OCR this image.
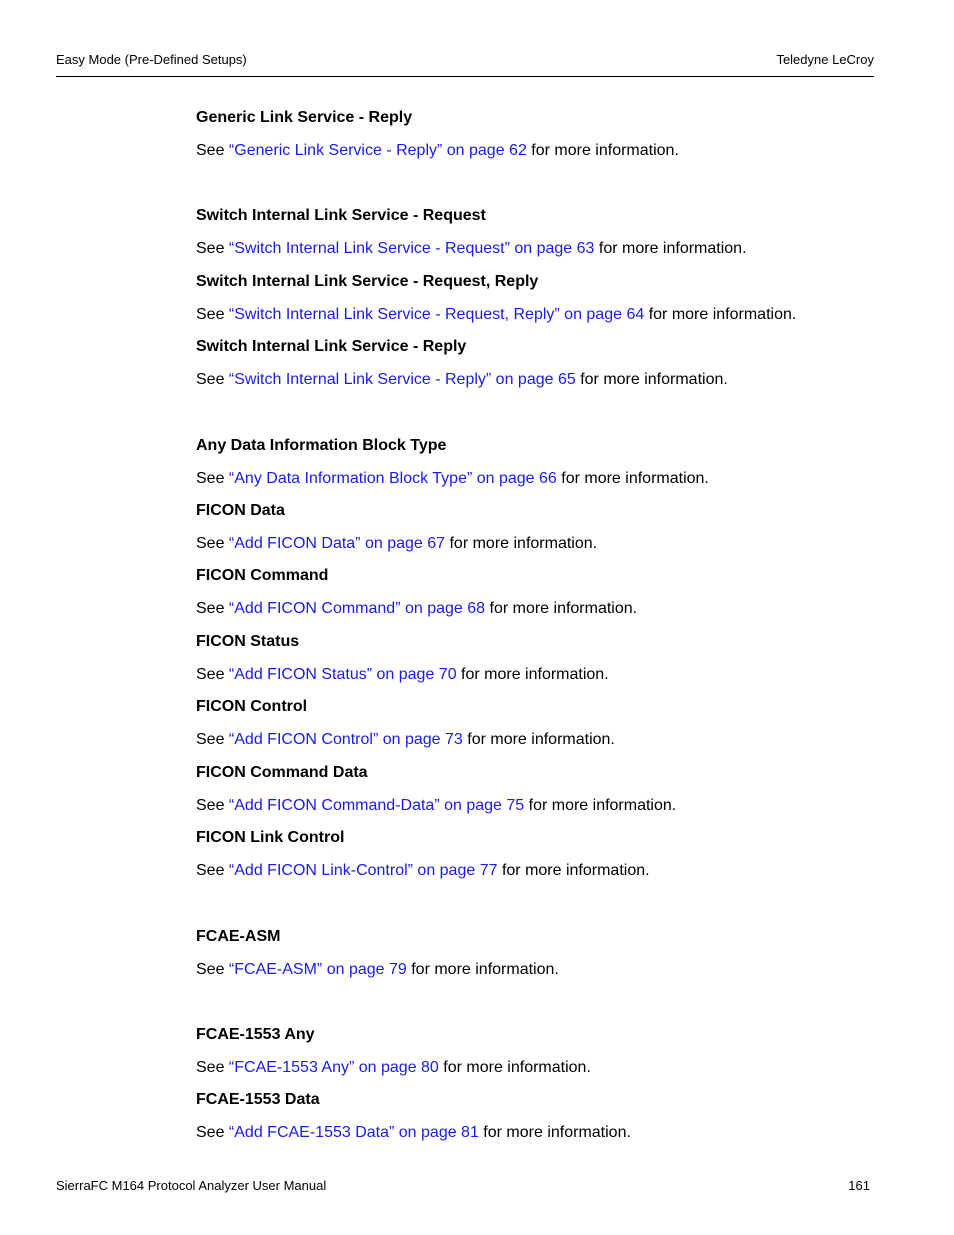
Easy Mode (Pre-Defined Setups)	Teledyne LeCroy
Generic Link Service - Reply
See “Generic Link Service - Reply” on page 62 for more information.
Switch Internal Link Service - Request
See “Switch Internal Link Service - Request” on page 63 for more information.
Switch Internal Link Service - Request, Reply
See “Switch Internal Link Service - Request, Reply” on page 64 for more information.
Switch Internal Link Service - Reply
See “Switch Internal Link Service - Reply” on page 65 for more information.
Any Data Information Block Type
See “Any Data Information Block Type” on page 66 for more information.
FICON Data
See “Add FICON Data” on page 67 for more information.
FICON Command
See “Add FICON Command” on page 68 for more information.
FICON Status
See “Add FICON Status” on page 70 for more information.
FICON Control
See “Add FICON Control” on page 73 for more information.
FICON Command Data
See “Add FICON Command-Data” on page 75 for more information.
FICON Link Control
See “Add FICON Link-Control” on page 77 for more information.
FCAE-ASM
See “FCAE-ASM” on page 79 for more information.
FCAE-1553 Any
See “FCAE-1553 Any” on page 80 for more information.
FCAE-1553 Data
See “Add FCAE-1553 Data” on page 81 for more information.
SierraFC M164 Protocol Analyzer User Manual	161
